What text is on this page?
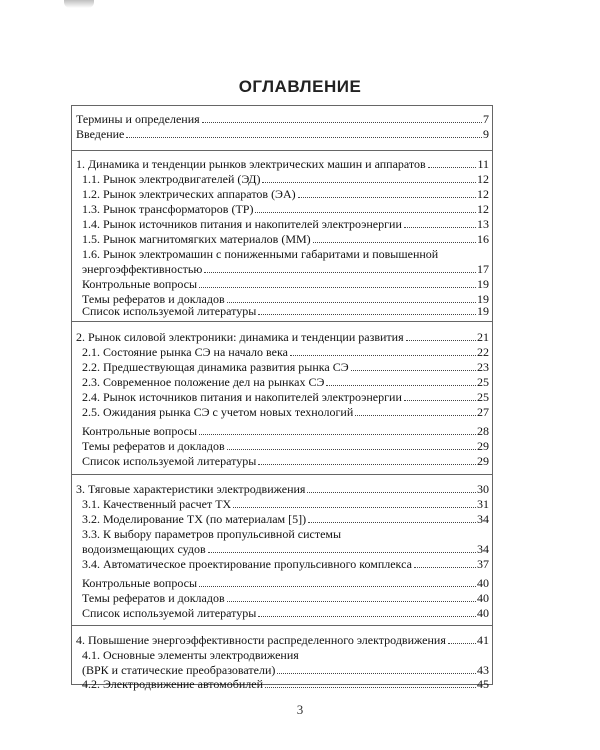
ОГЛАВЛЕНИЕ
Термины и определения	7
Введение	9
1. Динамика и тенденции рынков электрических машин и аппаратов	11
1.1. Рынок электродвигателей (ЭД)	12
1.2. Рынок электрических аппаратов (ЭА)	12
1.3. Рынок трансформаторов (ТР)	12
1.4. Рынок источников питания и накопителей электроэнергии	13
1.5. Рынок магнитомягких материалов (ММ)	16
1.6. Рынок электромашин с пониженными габаритами и повышенной
энергоэффективностью	17
Контрольные вопросы	19
Темы рефератов и докладов	19
Список используемой литературы	19
2. Рынок силовой электроники: динамика и тенденции развития	21
2.1. Состояние рынка СЭ на начало века	22
2.2. Предшествующая динамика развития рынка СЭ	23
2.3. Современное положение дел на рынках СЭ	25
2.4. Рынок источников питания и накопителей электроэнергии	25
2.5. Ожидания рынка СЭ с учетом новых технологий	27
Контрольные вопросы	28
Темы рефератов и докладов	29
Список используемой литературы	29
3. Тяговые характеристики электродвижения	30
3.1. Качественный расчет ТХ	31
3.2. Моделирование ТХ (по материалам [5])	34
3.3. К выбору параметров пропульсивной системы
водоизмещающих судов	34
3.4. Автоматическое проектирование пропульсивного комплекса	37
Контрольные вопросы	40
Темы рефератов и докладов	40
Список используемой литературы	40
4. Повышение энергоэффективности распределенного электродвижения	41
4.1. Основные элементы электродвижения
(ВРК и статические преобразователи)	43
4.2. Электродвижение автомобилей	45
3
